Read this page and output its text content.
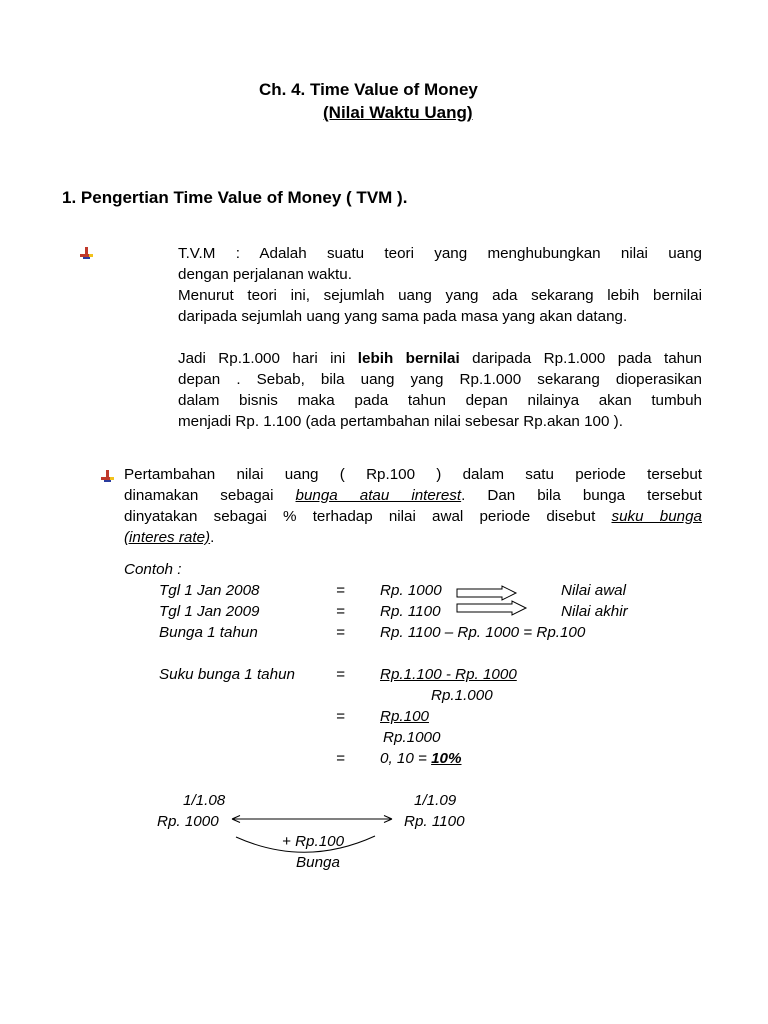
Ch. 4. Time Value of Money
(Nilai Waktu Uang)
1. Pengertian Time Value of Money ( TVM ).

T.V.M : Adalah suatu teori yang menghubungkan nilai uang

dengan perjalanan waktu.

Menurut teori ini, sejumlah uang yang ada sekarang lebih bernilai

daripada sejumlah uang yang sama pada masa yang akan datang.

Jadi Rp.1.000 hari ini lebih bernilai daripada Rp.1.000 pada tahun

depan . Sebab, bila uang yang Rp.1.000 sekarang dioperasikan

dalam bisnis maka pada tahun depan nilainya akan tumbuh

menjadi Rp. 1.100 (ada pertambahan nilai sebesar Rp.akan 100 ).

Pertambahan nilai uang ( Rp.100 ) dalam satu periode tersebut

dinamakan sebagai bunga atau interest. Dan bila bunga tersebut

dinyatakan sebagai % terhadap nilai awal periode disebut suku bunga

(interes rate).

Contoh :
Tgl 1 Jan 2008	= Rp. 1000	Nilai awal
Tgl 1 Jan 2009	= Rp. 1100	Nilai akhir
Bunga 1 tahun	= Rp. 1100 – Rp. 1000 = Rp.100
Suku bunga 1 tahun	= Rp.1.100 - Rp. 1000
Rp.1.000
= Rp.100
Rp.1000
= 0, 10 = 10%
1/1.08	1/1.09
Rp. 1000	Rp. 1100
+ Rp.100
Bunga
